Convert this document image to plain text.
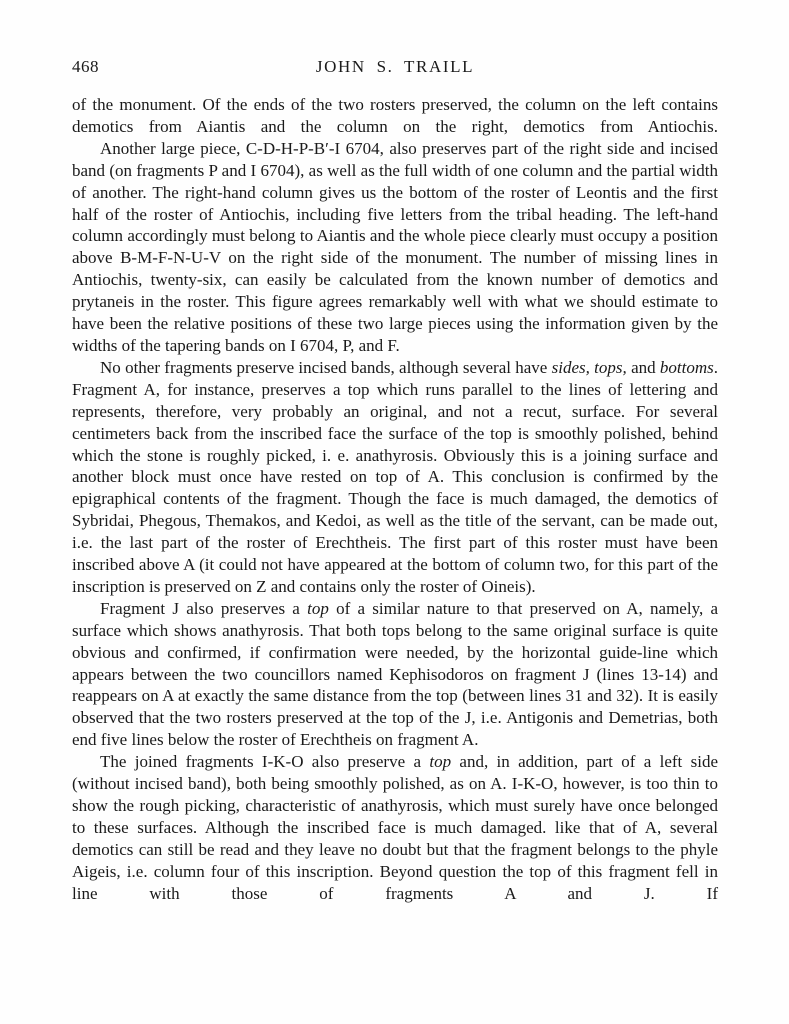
468	JOHN S. TRAILL

of the monument. Of the ends of the two rosters preserved, the column on the left contains demotics from Aiantis and the column on the right, demotics from Antiochis.

Another large piece, C-D-H-P-B′-I 6704, also preserves part of the right side and incised band (on fragments P and I 6704), as well as the full width of one column and the partial width of another. The right-hand column gives us the bottom of the roster of Leontis and the first half of the roster of Antiochis, including five letters from the tribal heading. The left-hand column accordingly must belong to Aiantis and the whole piece clearly must occupy a position above B-M-F-N-U-V on the right side of the monument. The number of missing lines in Antiochis, twenty-six, can easily be calculated from the known number of demotics and prytaneis in the roster. This figure agrees remarkably well with what we should estimate to have been the relative positions of these two large pieces using the information given by the widths of the tapering bands on I 6704, P, and F.

No other fragments preserve incised bands, although several have sides, tops, and bottoms. Fragment A, for instance, preserves a top which runs parallel to the lines of lettering and represents, therefore, very probably an original, and not a recut, surface. For several centimeters back from the inscribed face the surface of the top is smoothly polished, behind which the stone is roughly picked, i. e. anathyrosis. Obviously this is a joining surface and another block must once have rested on top of A. This conclusion is confirmed by the epigraphical contents of the fragment. Though the face is much damaged, the demotics of Sybridai, Phegous, Themakos, and Kedoi, as well as the title of the servant, can be made out, i.e. the last part of the roster of Erechtheis. The first part of this roster must have been inscribed above A (it could not have appeared at the bottom of column two, for this part of the inscription is preserved on Z and contains only the roster of Oineis).

Fragment J also preserves a top of a similar nature to that preserved on A, namely, a surface which shows anathyrosis. That both tops belong to the same original surface is quite obvious and confirmed, if confirmation were needed, by the horizontal guide-line which appears between the two councillors named Kephisodoros on fragment J (lines 13-14) and reappears on A at exactly the same distance from the top (between lines 31 and 32). It is easily observed that the two rosters preserved at the top of the J, i.e. Antigonis and Demetrias, both end five lines below the roster of Erechtheis on fragment A.

The joined fragments I-K-O also preserve a top and, in addition, part of a left side (without incised band), both being smoothly polished, as on A. I-K-O, however, is too thin to show the rough picking, characteristic of anathyrosis, which must surely have once belonged to these surfaces. Although the inscribed face is much damaged. like that of A, several demotics can still be read and they leave no doubt but that the fragment belongs to the phyle Aigeis, i.e. column four of this inscription. Beyond question the top of this fragment fell in line with those of fragments A and J. If
